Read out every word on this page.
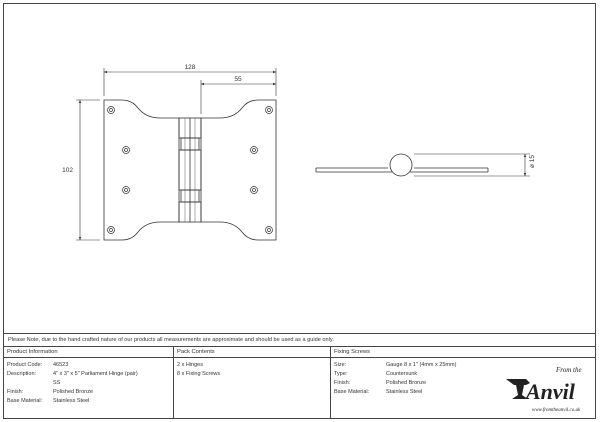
128
55
102
ø 15
Please Note, due to the hand crafted nature of our products all measurements are approximate and should be used as a guide only.
Product Information
Product Code:	46523
Description:	4" x 3" x 5" Parliament Hinge (pair)
SS
Finish:	Polished Bronze
Base Material:	Stainless Steel
Pack Contents
2 x Hinges
8 x Fixing Screws
Fixing Screws
Size:	Gauge 8 x 1" (4mm x 25mm)
Type:	Countersunk
Finish:	Polished Bronze
Base Material:	Stainless Steel
From the
Anvil
www.fromtheanvil.co.uk
